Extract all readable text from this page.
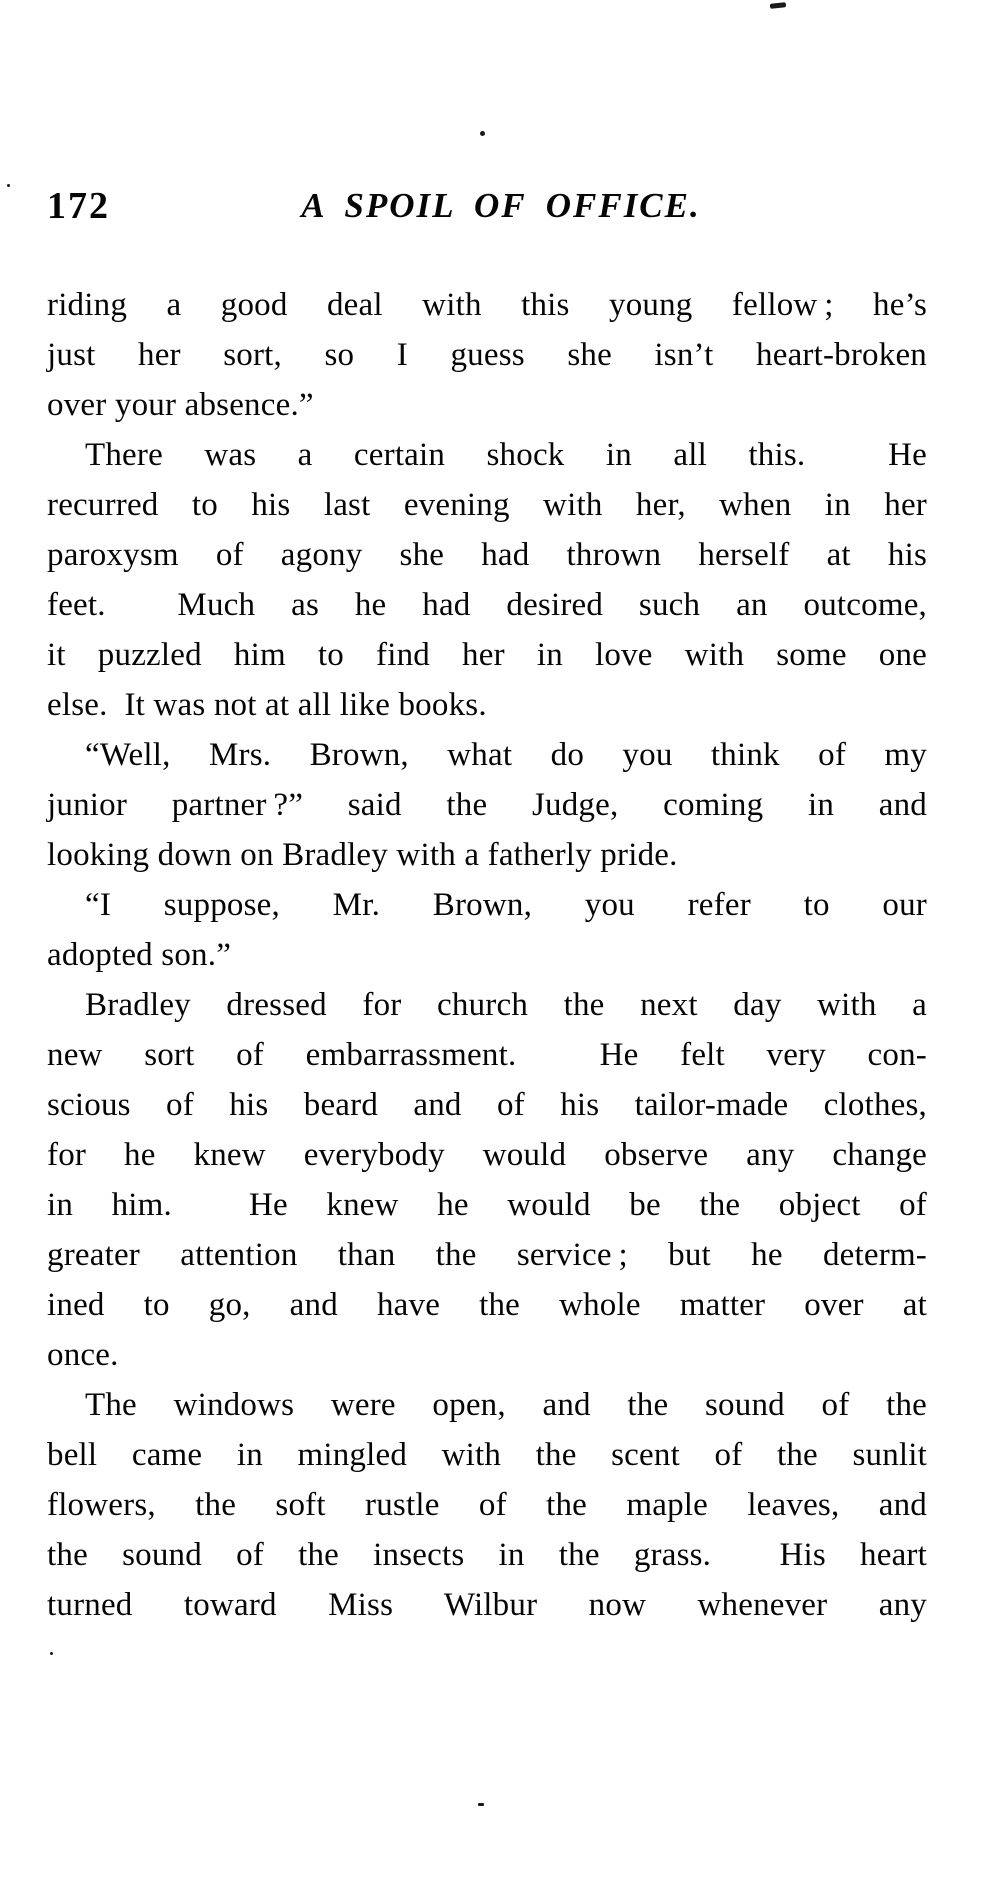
172	A SPOIL OF OFFICE.
riding a good deal with this young fellow ; he’s
just her sort, so I guess she isn’t heart-broken
over your absence.”
There was a certain shock in all this.  He
recurred to his last evening with her, when in her
paroxysm of agony she had thrown herself at his
feet.  Much as he had desired such an outcome,
it puzzled him to find her in love with some one
else.  It was not at all like books.
“Well, Mrs. Brown, what do you think of my
junior partner ?” said the Judge, coming in and
looking down on Bradley with a fatherly pride.
“I suppose, Mr. Brown, you refer to our
adopted son.”
Bradley dressed for church the next day with a
new sort of embarrassment.  He felt very con-
scious of his beard and of his tailor-made clothes,
for he knew everybody would observe any change
in him.  He knew he would be the object of
greater attention than the service ; but he determ-
ined to go, and have the whole matter over at
once.
The windows were open, and the sound of the
bell came in mingled with the scent of the sunlit
flowers, the soft rustle of the maple leaves, and
the sound of the insects in the grass.  His heart
turned toward Miss Wilbur now whenever any
